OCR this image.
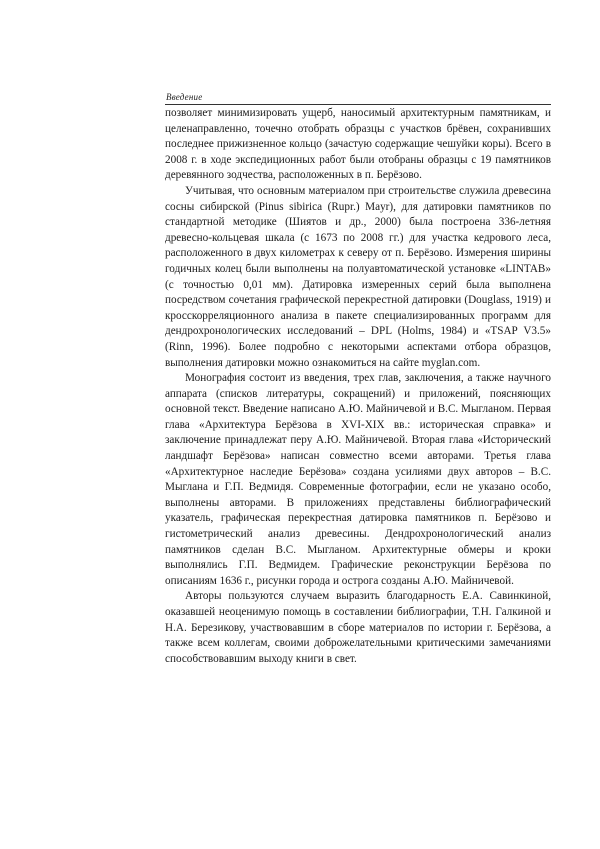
Введение

позволяет минимизировать ущерб, наносимый архитектурным памятникам, и целенаправленно, точечно отобрать образцы с участков брёвен, сохранивших последнее прижизненное кольцо (зачастую содержащие чешуйки коры). Всего в 2008 г. в ходе экспедиционных работ были отобраны образцы с 19 памятников деревянного зодчества, расположенных в п. Берёзово.

Учитывая, что основным материалом при строительстве служила древесина сосны сибирской (Pinus sibirica (Rupr.) Mayr), для датировки памятников по стандартной методике (Шиятов и др., 2000) была построена 336-летняя древесно-кольцевая шкала (с 1673 по 2008 гг.) для участка кедрового леса, расположенного в двух километрах к северу от п. Берёзово. Измерения ширины годичных колец были выполнены на полуавтоматической установке «LINTAB» (с точностью 0,01 мм). Датировка измеренных серий была выполнена посредством сочетания графической перекрестной датировки (Douglass, 1919) и кросскорреляционного анализа в пакете специализированных программ для дендрохронологических исследований – DPL (Holms, 1984) и «TSAP V3.5» (Rinn, 1996). Более подробно с некоторыми аспектами отбора образцов, выполнения датировки можно ознакомиться на сайте myglan.com.

Монография состоит из введения, трех глав, заключения, а также научного аппарата (списков литературы, сокращений) и приложений, поясняющих основной текст. Введение написано А.Ю. Майничевой и В.С. Мыгланом. Первая глава «Архитектура Берёзова в XVI-XIX вв.: историческая справка» и заключение принадлежат перу А.Ю. Майничевой. Вторая глава «Исторический ландшафт Берёзова» написан совместно всеми авторами. Третья глава «Архитектурное наследие Берёзова» создана усилиями двух авторов – В.С. Мыглана и Г.П. Ведмидя. Современные фотографии, если не указано особо, выполнены авторами. В приложениях представлены библиографический указатель, графическая перекрестная датировка памятников п. Берёзово и гистометрический анализ древесины. Дендрохронологический анализ памятников сделан В.С. Мыгланом. Архитектурные обмеры и кроки выполнялись Г.П. Ведмидем. Графические реконструкции Берёзова по описаниям 1636 г., рисунки города и острога созданы А.Ю. Майничевой.

Авторы пользуются случаем выразить благодарность Е.А. Савинкиной, оказавшей неоценимую помощь в составлении библиографии, Т.Н. Галкиной и Н.А. Березикову, участвовавшим в сборе материалов по истории г. Берёзова, а также всем коллегам, своими доброжелательными критическими замечаниями способствовавшим выходу книги в свет.
